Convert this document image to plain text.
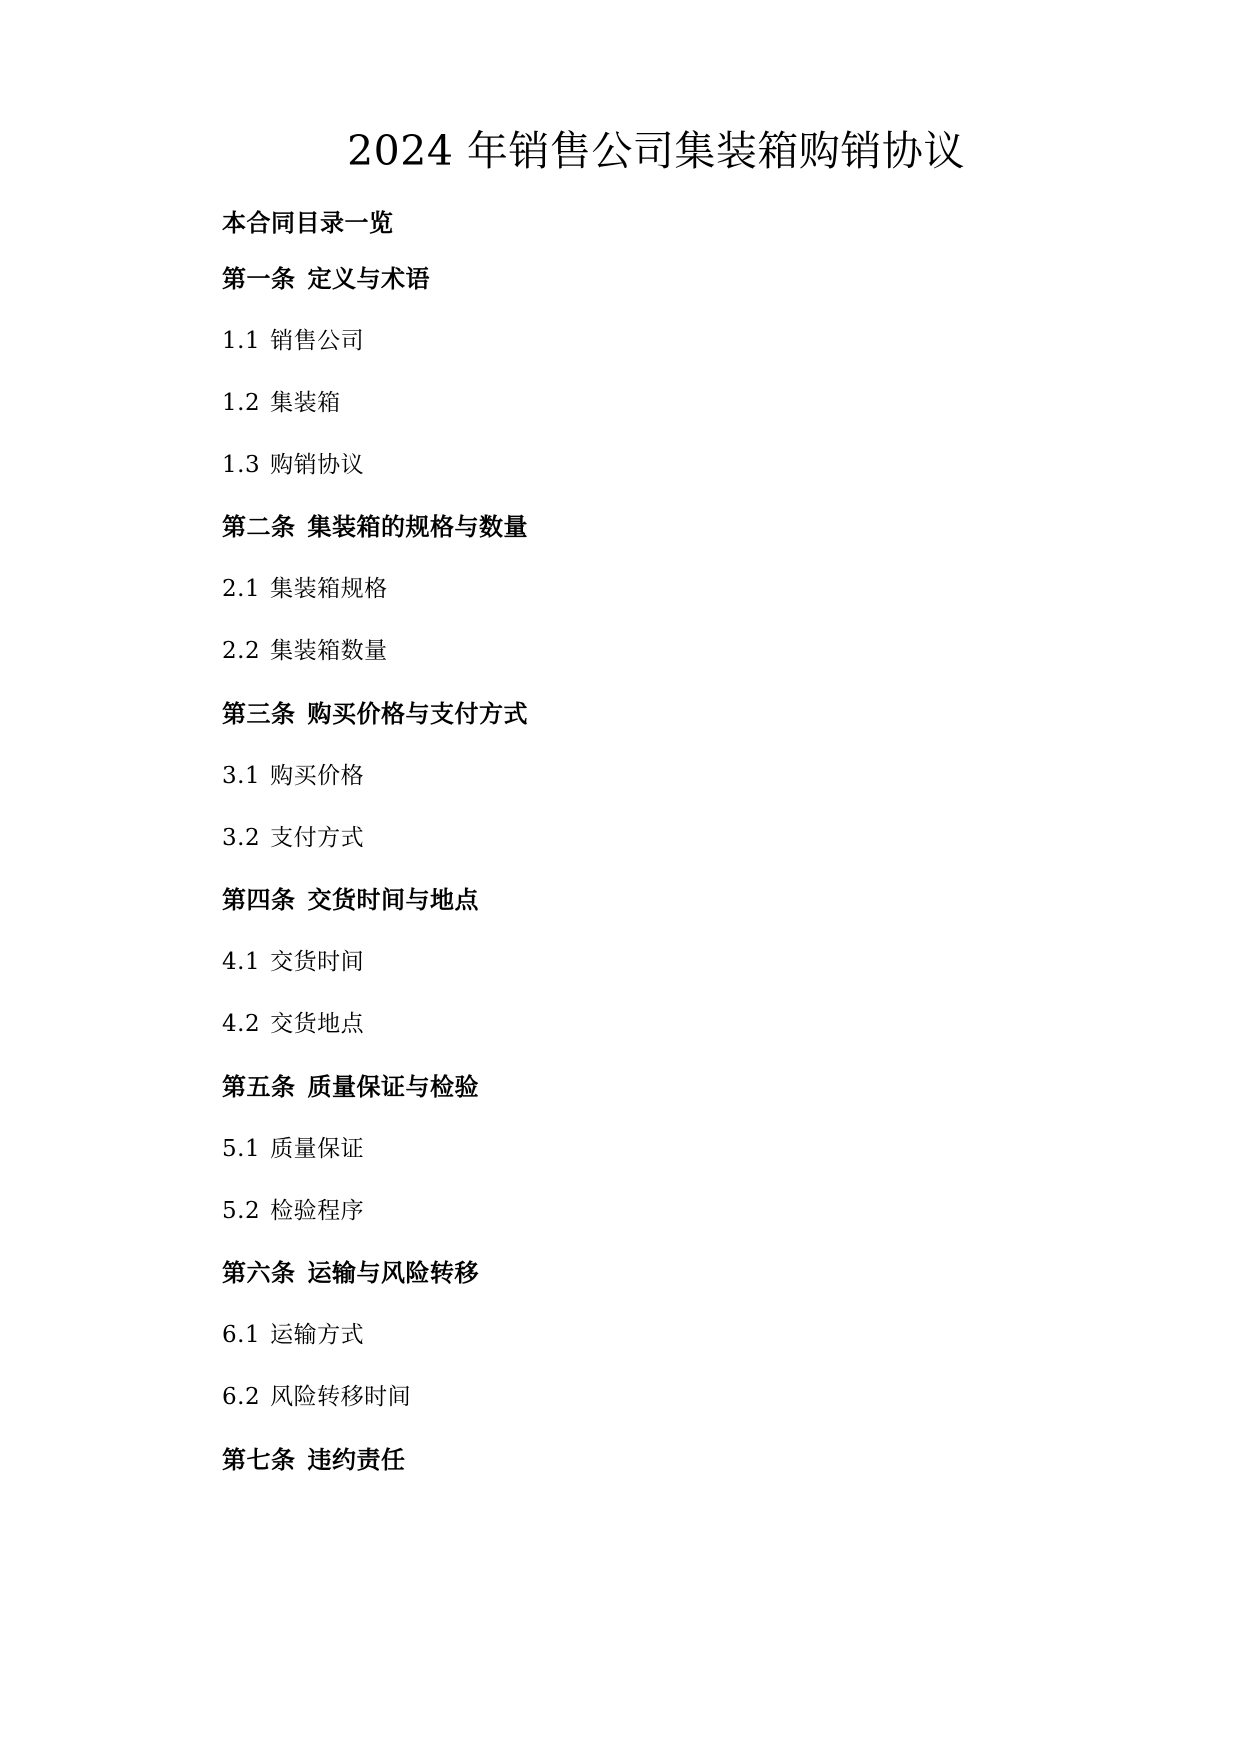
2024 年销售公司集装箱购销协议
本合同目录一览
第一条 定义与术语
1.1 销售公司
1.2 集装箱
1.3 购销协议
第二条 集装箱的规格与数量
2.1 集装箱规格
2.2 集装箱数量
第三条 购买价格与支付方式
3.1 购买价格
3.2 支付方式
第四条 交货时间与地点
4.1 交货时间
4.2 交货地点
第五条 质量保证与检验
5.1 质量保证
5.2 检验程序
第六条 运输与风险转移
6.1 运输方式
6.2 风险转移时间
第七条 违约责任
